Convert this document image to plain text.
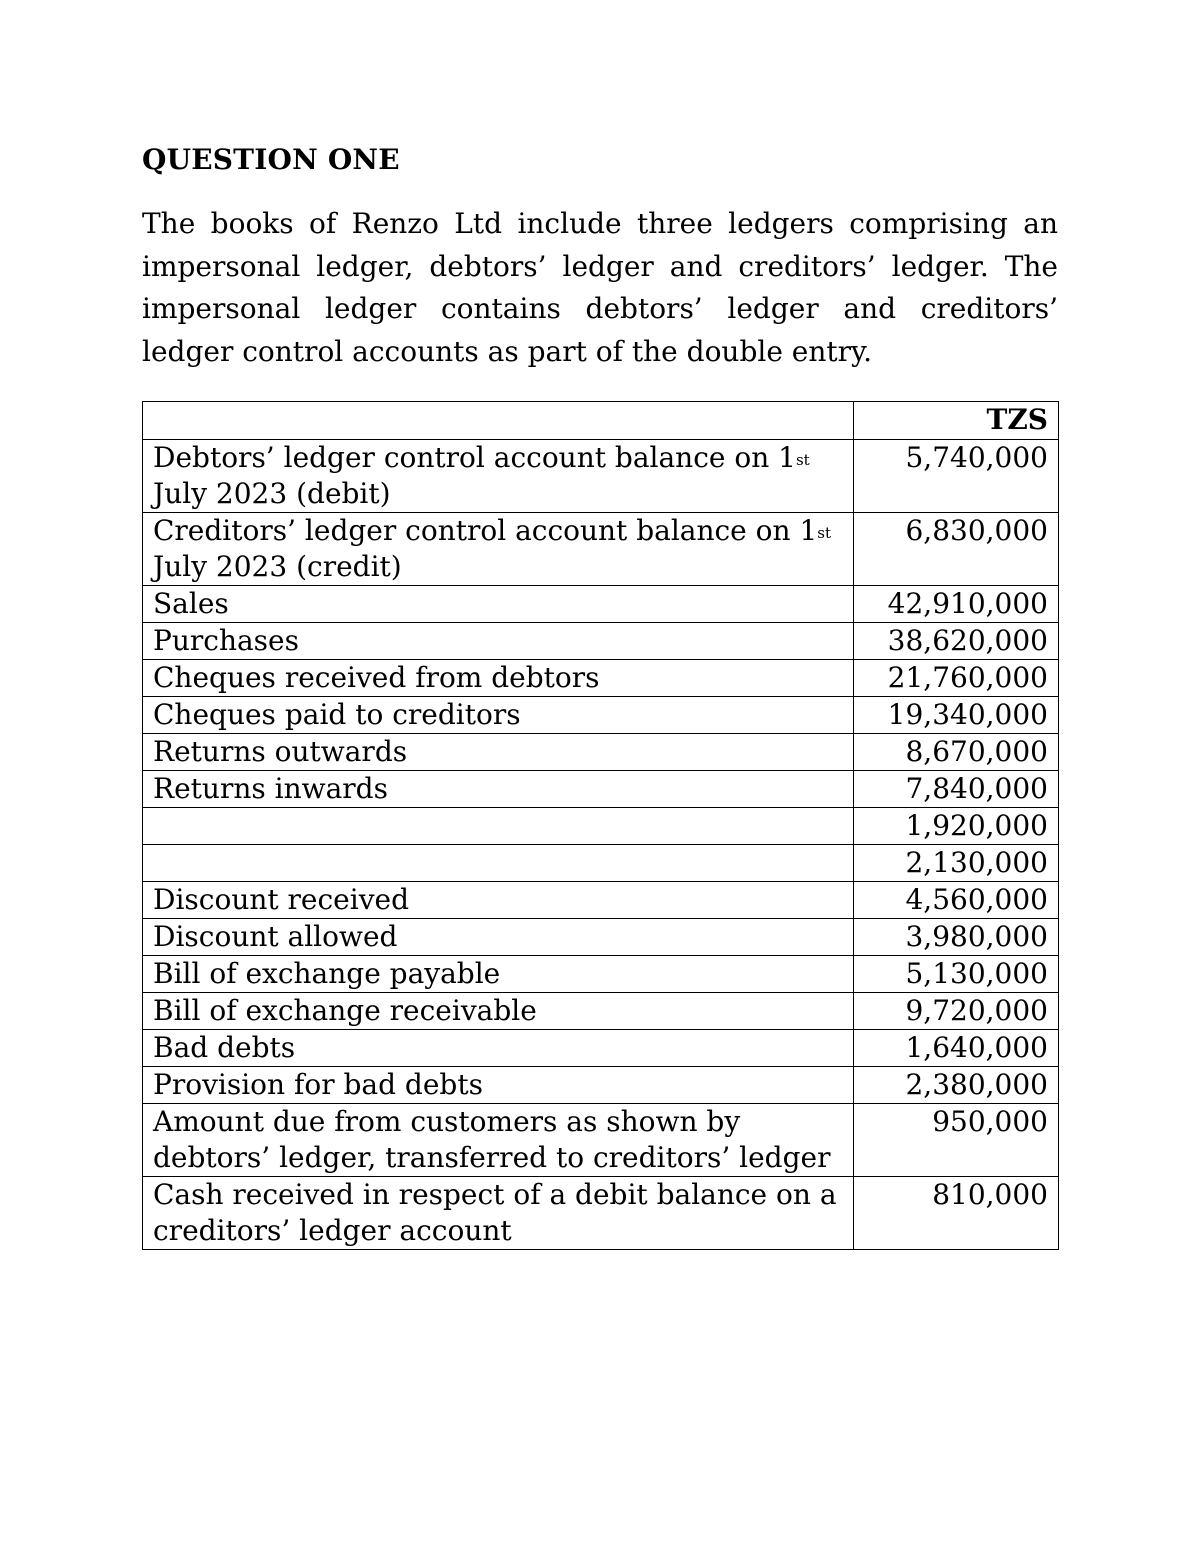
QUESTION ONE

The books of Renzo Ltd include three ledgers comprising an impersonal ledger, debtors’ ledger and creditors’ ledger. The impersonal ledger contains debtors’ ledger and creditors’ ledger control accounts as part of the double entry.

	TZS
Debtors’ ledger control account balance on 1st July 2023 (debit)	5,740,000
Creditors’ ledger control account balance on 1st July 2023 (credit)	6,830,000
Sales	42,910,000
Purchases	38,620,000
Cheques received from debtors	21,760,000
Cheques paid to creditors	19,340,000
Returns outwards	8,670,000
Returns inwards	7,840,000
	1,920,000
	2,130,000
Discount received	4,560,000
Discount allowed	3,980,000
Bill of exchange payable	5,130,000
Bill of exchange receivable	9,720,000
Bad debts	1,640,000
Provision for bad debts	2,380,000
Amount due from customers as shown by debtors’ ledger, transferred to creditors’ ledger	950,000
Cash received in respect of a debit balance on a creditors’ ledger account	810,000
